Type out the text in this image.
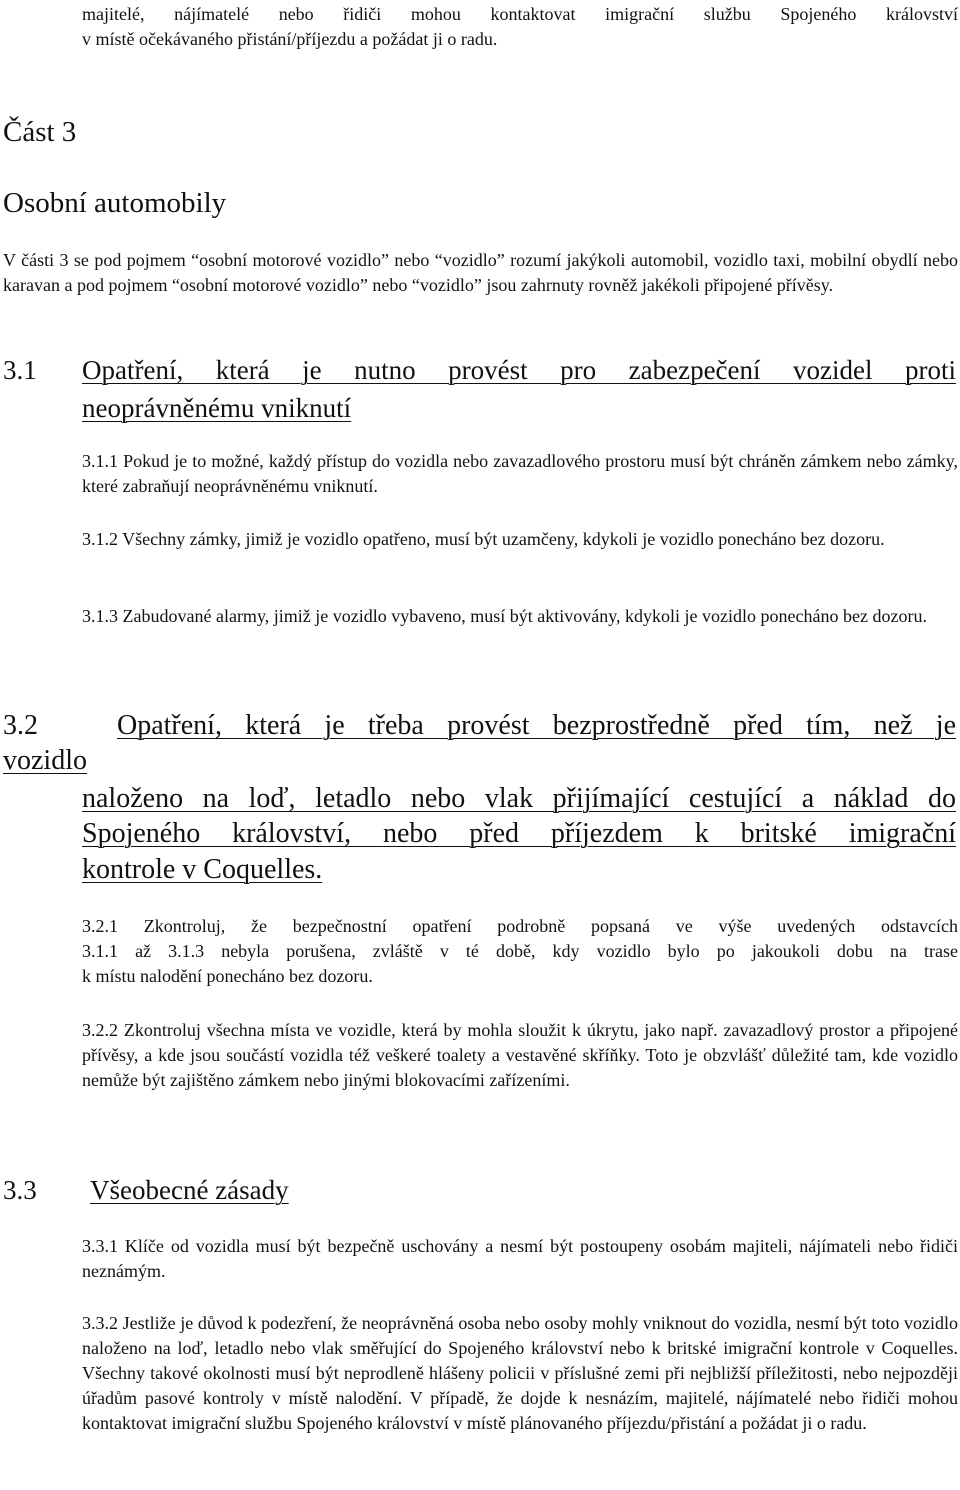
majitelé, nájímatelé nebo řidiči mohou kontaktovat imigrační službu Spojeného království
v místě očekávaného přistání/příjezdu a požádat ji o radu.
Část 3
Osobní automobily

V části 3 se pod pojmem “osobní motorové vozidlo” nebo “vozidlo” rozumí jakýkoli automobil, vozidlo taxi, mobilní obydlí nebo karavan a pod pojmem “osobní motorové vozidlo” nebo “vozidlo” jsou zahrnuty rovněž jakékoli připojené přívěsy.

3.1 Opatření, která je nutno provést pro zabezpečení vozidel proti
neoprávněnému vniknutí

3.1.1 Pokud je to možné, každý přístup do vozidla nebo zavazadlového prostoru musí být chráněn zámkem nebo zámky, které zabraňují neoprávněnému vniknutí.

3.1.2 Všechny zámky, jimiž je vozidlo opatřeno, musí být uzamčeny, kdykoli je vozidlo ponecháno bez dozoru.

3.1.3 Zabudované alarmy, jimiž je vozidlo vybaveno, musí být aktivovány, kdykoli je vozidlo ponecháno bez dozoru.

3.2	Opatření, která je třeba provést bezprostředně před tím, než je
vozidlo
naloženo na loď, letadlo nebo vlak přijímající cestující a náklad do
Spojeného království, nebo před příjezdem k britské imigrační
kontrole v Coquelles.
3.2.1 Zkontroluj, že bezpečnostní opatření podrobně popsaná ve výše uvedených odstavcích
3.1.1 až 3.1.3 nebyla porušena, zvláště v té době, kdy vozidlo bylo po jakoukoli dobu na trase
k místu nalodění ponecháno bez dozoru.

3.2.2 Zkontroluj všechna místa ve vozidle, která by mohla sloužit k úkrytu, jako např. zavazadlový prostor a připojené přívěsy, a kde jsou součástí vozidla též veškeré toalety a vestavěné skříňky. Toto je obzvlášť důležité tam, kde vozidlo nemůže být zajištěno zámkem nebo jinými blokovacími zařízeními.

3.3 Všeobecné zásady

3.3.1 Klíče od vozidla musí být bezpečně uschovány a nesmí být postoupeny osobám majiteli, nájímateli nebo řidiči neznámým.

3.3.2 Jestliže je důvod k podezření, že neoprávněná osoba nebo osoby mohly vniknout do vozidla, nesmí být toto vozidlo naloženo na loď, letadlo nebo vlak směřující do Spojeného království nebo k britské imigrační kontrole v Coquelles. Všechny takové okolnosti musí být neprodleně hlášeny policii v příslušné zemi při nejbližší příležitosti, nebo nejpozději úřadům pasové kontroly v místě nalodění. V případě, že dojde k nesnázím, majitelé, nájímatelé nebo řidiči mohou kontaktovat imigrační službu Spojeného království v místě plánovaného příjezdu/přistání a požádat ji o radu.
